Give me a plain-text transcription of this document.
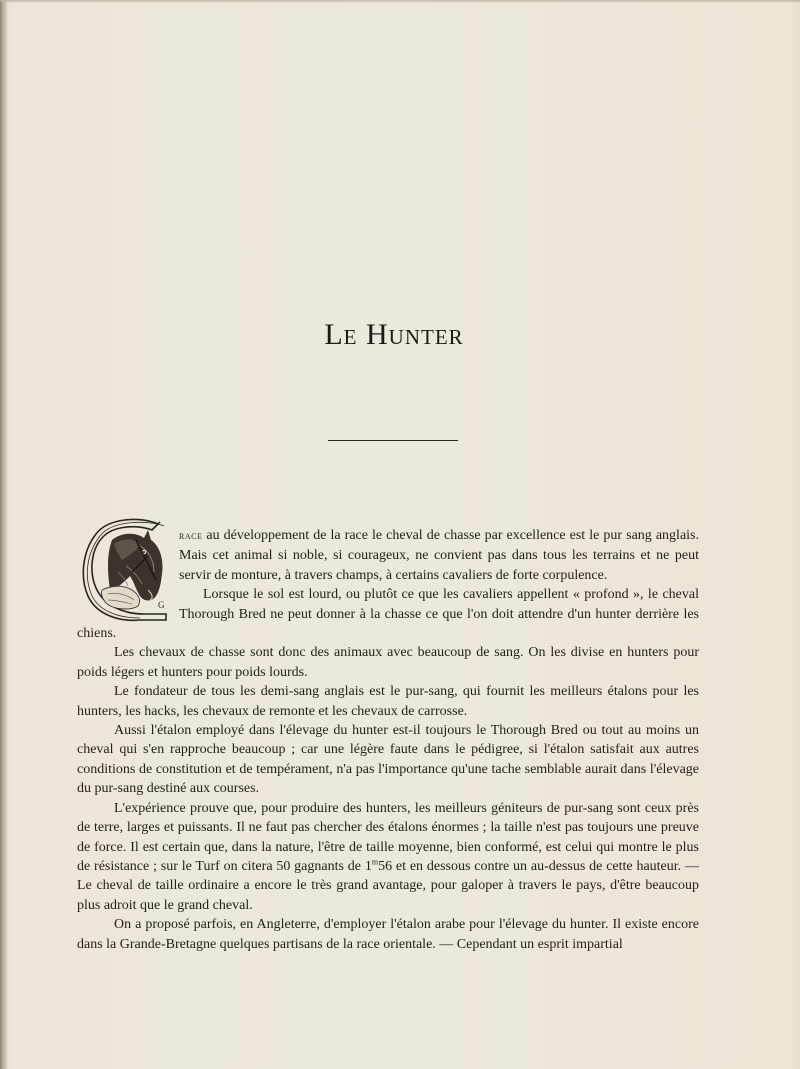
Le Hunter
G

race au développement de la race le cheval de chasse par excellence est le pur sang anglais. Mais cet animal si noble, si courageux, ne convient pas dans tous les terrains et ne peut servir de monture, à travers champs, à certains cavaliers de forte corpulence.
Lorsque le sol est lourd, ou plutôt ce que les cavaliers appellent « profond », le cheval Thorough Bred ne peut donner à la chasse ce que l'on doit attendre d'un hunter derrière les chiens.

Les chevaux de chasse sont donc des animaux avec beaucoup de sang. On les divise en hunters pour poids légers et hunters pour poids lourds.

Le fondateur de tous les demi-sang anglais est le pur-sang, qui fournit les meilleurs étalons pour les hunters, les hacks, les chevaux de remonte et les chevaux de carrosse.

Aussi l'étalon employé dans l'élevage du hunter est-il toujours le Thorough Bred ou tout au moins un cheval qui s'en rapproche beaucoup ; car une légère faute dans le pédigree, si l'étalon satisfait aux autres conditions de constitution et de tempérament, n'a pas l'importance qu'une tache semblable aurait dans l'élevage du pur-sang destiné aux courses.

L'expérience prouve que, pour produire des hunters, les meilleurs géniteurs de pur-sang sont ceux près de terre, larges et puissants. Il ne faut pas chercher des étalons énormes ; la taille n'est pas toujours une preuve de force. Il est certain que, dans la nature, l'être de taille moyenne, bien conformé, est celui qui montre le plus de résistance ; sur le Turf on citera 50 gagnants de 1$^m$56 et en dessous contre un au-dessus de cette hauteur. — Le cheval de taille ordinaire a encore le très grand avantage, pour galoper à travers le pays, d'être beaucoup plus adroit que le grand cheval.

On a proposé parfois, en Angleterre, d'employer l'étalon arabe pour l'élevage du hunter. Il existe encore dans la Grande-Bretagne quelques partisans de la race orientale. — Cependant un esprit impartial
